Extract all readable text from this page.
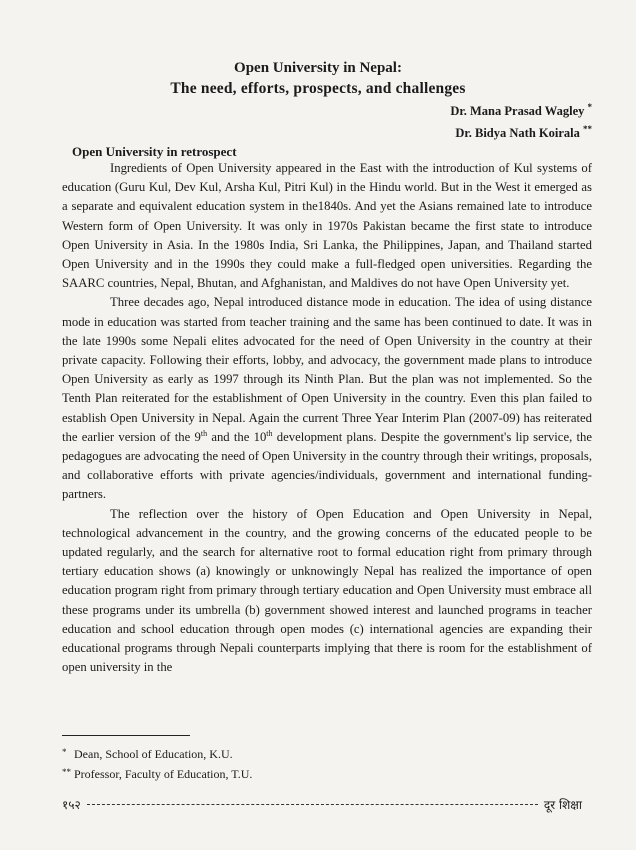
Open University in Nepal:
The need, efforts, prospects, and challenges
Dr. Mana Prasad Wagley *
Dr. Bidya Nath Koirala **
Open University in retrospect

Ingredients of Open University appeared in the East with the introduction of Kul systems of education (Guru Kul, Dev Kul, Arsha Kul, Pitri Kul) in the Hindu world. But in the West it emerged as a separate and equivalent education system in the1840s. And yet the Asians remained late to introduce Western form of Open University. It was only in 1970s Pakistan became the first state to introduce Open University in Asia. In the 1980s India, Sri Lanka, the Philippines, Japan, and Thailand started Open University and in the 1990s they could make a full-fledged open universities. Regarding the SAARC countries, Nepal, Bhutan, and Afghanistan, and Maldives do not have Open University yet.

Three decades ago, Nepal introduced distance mode in education. The idea of using distance mode in education was started from teacher training and the same has been continued to date. It was in the late 1990s some Nepali elites advocated for the need of Open University in the country at their private capacity. Following their efforts, lobby, and advocacy, the government made plans to introduce Open University as early as 1997 through its Ninth Plan. But the plan was not implemented. So the Tenth Plan reiterated for the establishment of Open University in the country. Even this plan failed to establish Open University in Nepal. Again the current Three Year Interim Plan (2007-09) has reiterated the earlier version of the 9th and the 10th development plans. Despite the government's lip service, the pedagogues are advocating the need of Open University in the country through their writings, proposals, and collaborative efforts with private agencies/individuals, government and international funding-partners.

The reflection over the history of Open Education and Open University in Nepal, technological advancement in the country, and the growing concerns of the educated people to be updated regularly, and the search for alternative root to formal education right from primary through tertiary education shows (a) knowingly or unknowingly Nepal has realized the importance of open education program right from primary through tertiary education and Open University must embrace all these programs under its umbrella (b) government showed interest and launched programs in teacher education and school education through open modes (c) international agencies are expanding their educational programs through Nepali counterparts implying that there is room for the establishment of open university in the

* Dean, School of Education, K.U.
** Professor, Faculty of Education, T.U.
१५२	दूर शिक्षा
